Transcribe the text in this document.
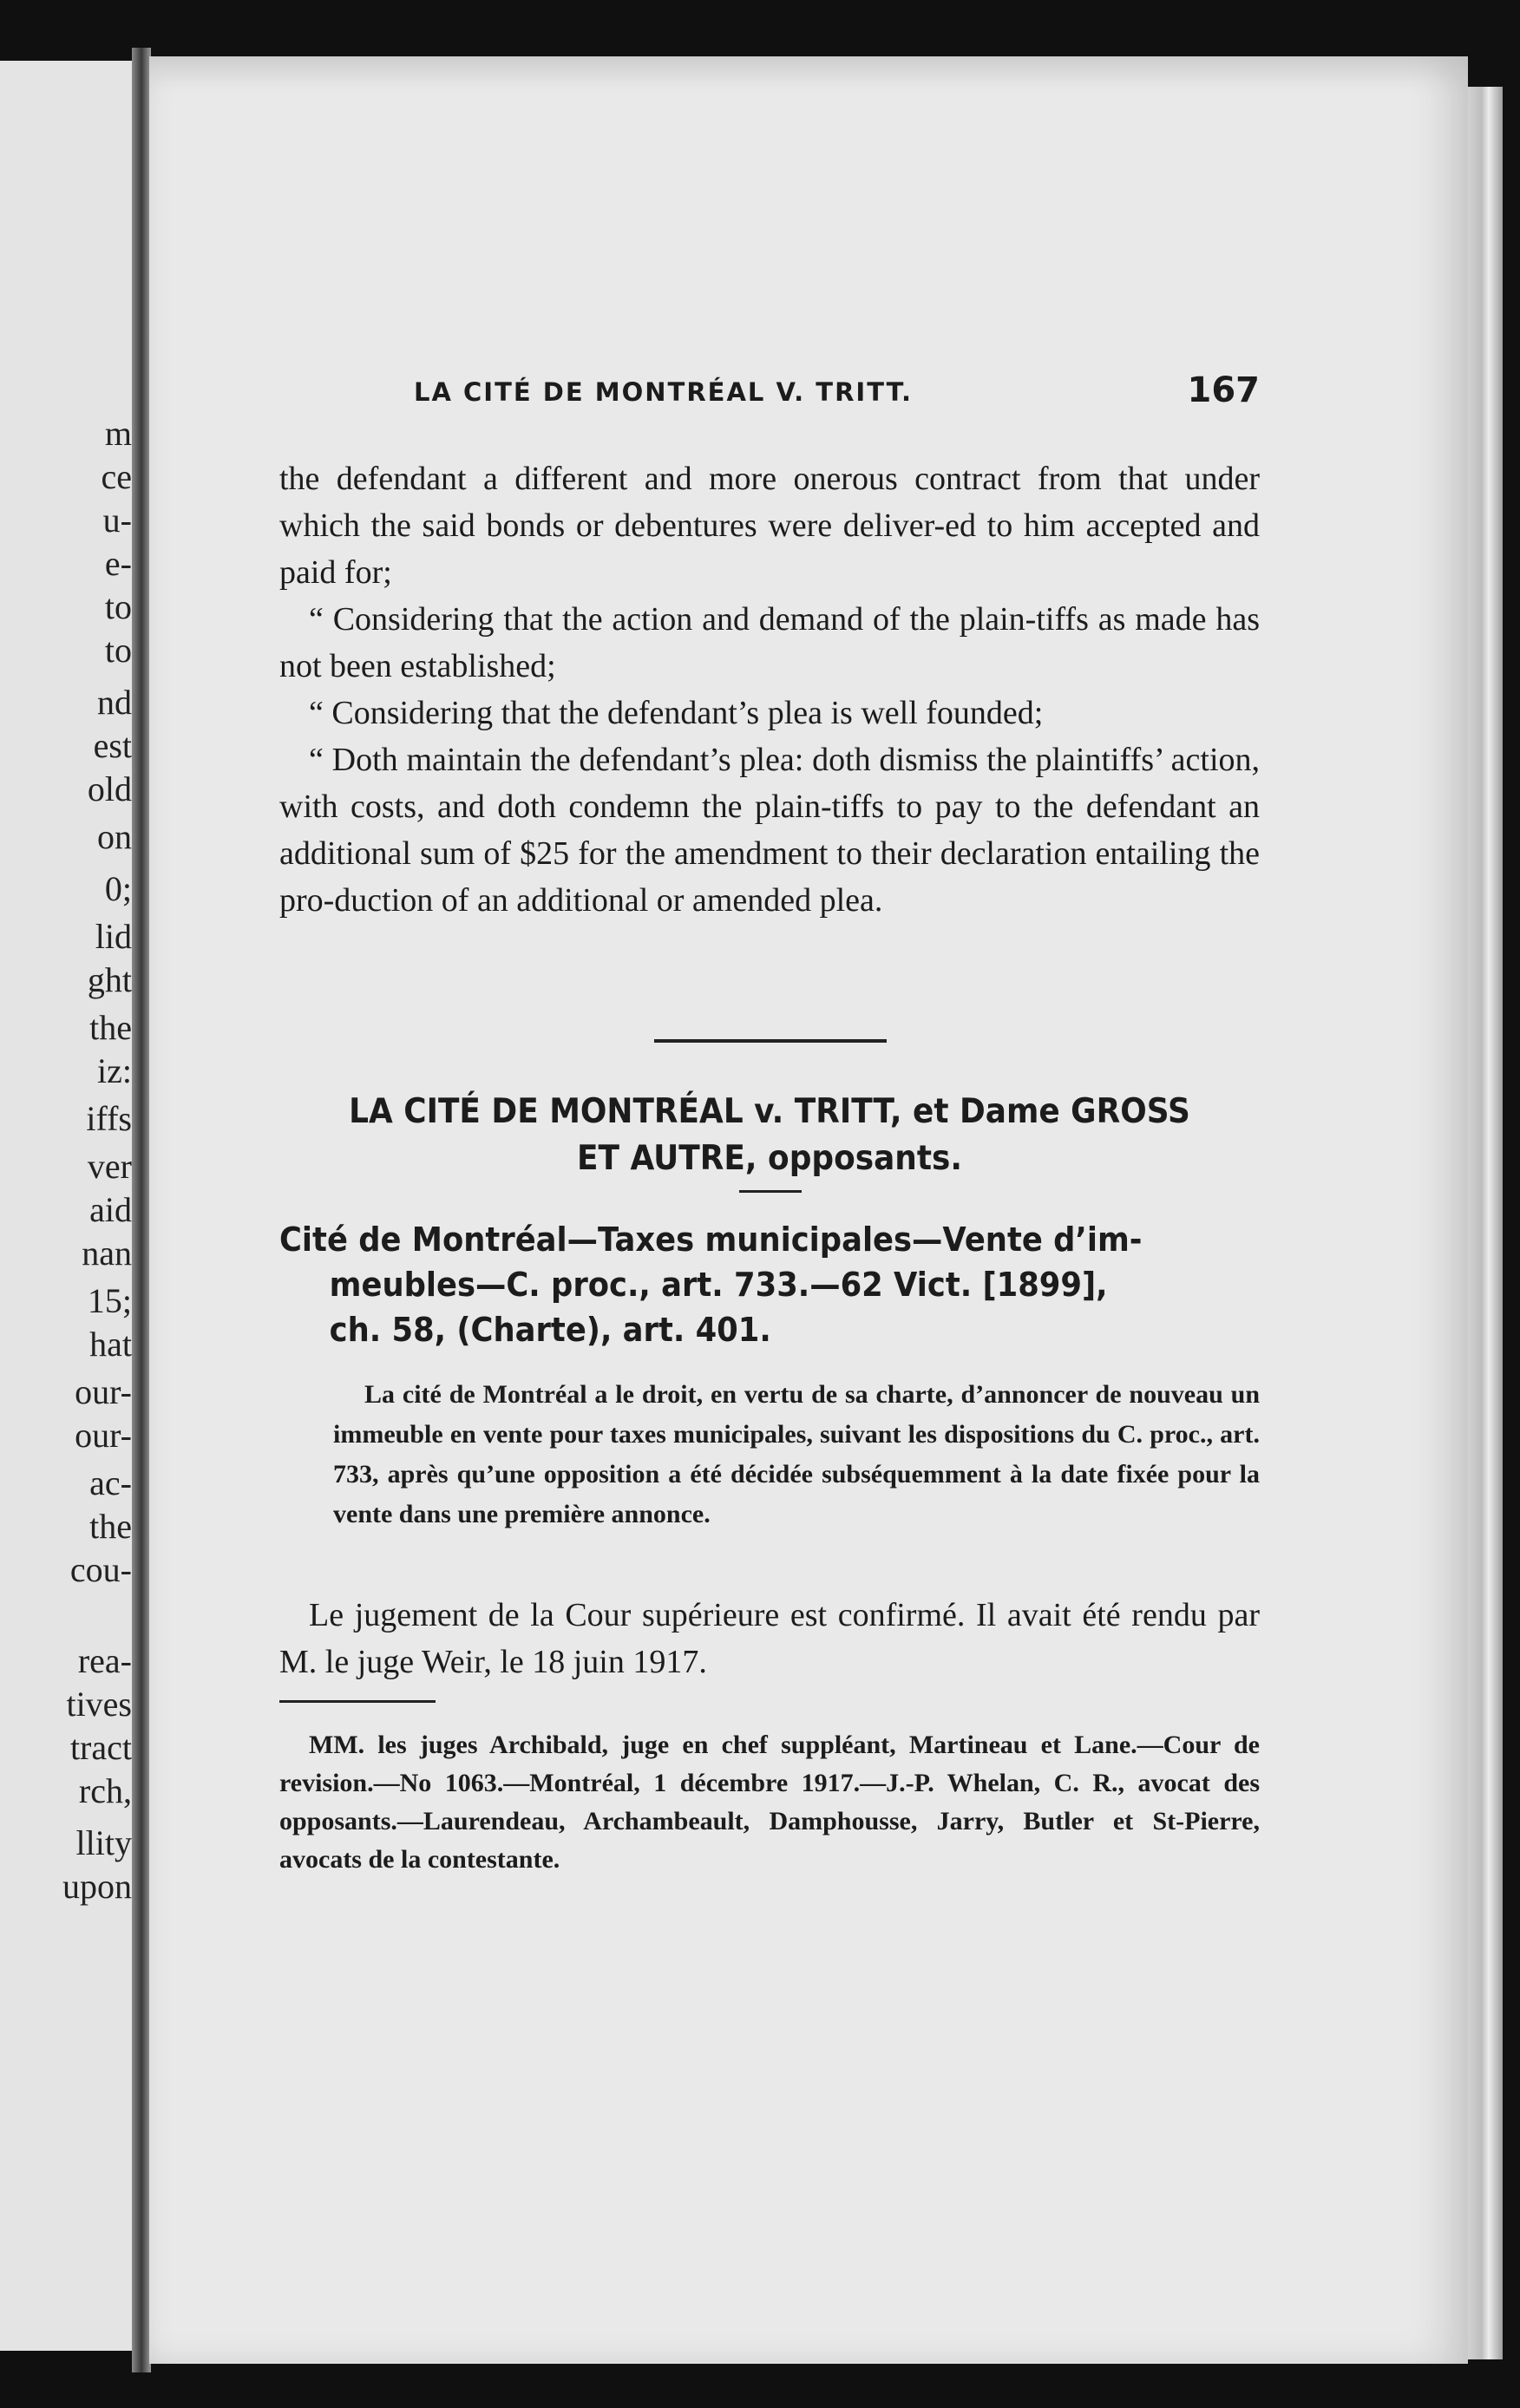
m
ce
u-
e-
to
to
nd
est
old
on
0;
lid
ght
the
iz:
iffs
ver
aid
nan
15;
hat
our-
our-
ac-
the
cou-
rea-
tives
tract
rch,
llity
upon
LA CITÉ DE MONTRÉAL V. TRITT.	167

the defendant a different and more onerous contract from that under which the said bonds or debentures were deliver-ed to him accepted and paid for;

“ Considering that the action and demand of the plain-tiffs as made has not been established;

“ Considering that the defendant’s plea is well founded;

“ Doth maintain the defendant’s plea: doth dismiss the plaintiffs’ action, with costs, and doth condemn the plain-tiffs to pay to the defendant an additional sum of $25 for the amendment to their declaration entailing the pro-duction of an additional or amended plea.

LA CITÉ DE MONTRÉAL v. TRITT, et Dame GROSS
ET AUTRE, opposants.
Cité de Montréal—Taxes municipales—Vente d’im-
meubles—C. proc., art. 733.—62 Vict. [1899],
ch. 58, (Charte), art. 401.
La cité de Montréal a le droit, en vertu de sa charte, d’annoncer de nouveau un immeuble en vente pour taxes municipales, suivant les dispositions du C. proc., art. 733, après qu’une opposition a été décidée subséquemment à la date fixée pour la vente dans une première annonce.

Le jugement de la Cour supérieure est confirmé. Il avait été rendu par M. le juge Weir, le 18 juin 1917.

MM. les juges Archibald, juge en chef suppléant, Martineau et Lane.—Cour de revision.—No 1063.—Montréal, 1 décembre 1917.—J.-P. Whelan, C. R., avocat des opposants.—Laurendeau, Archambeault, Damphousse, Jarry, Butler et St-Pierre, avocats de la contestante.
